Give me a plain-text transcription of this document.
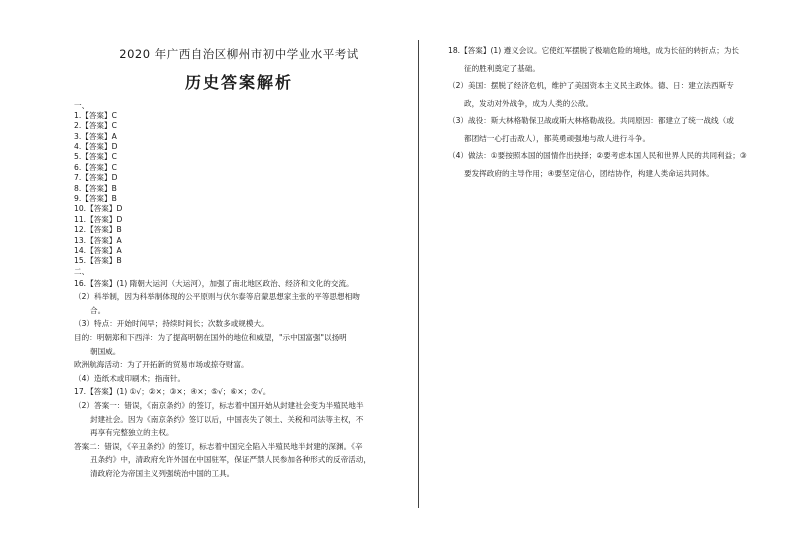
2020 年广西自治区柳州市初中学业水平考试
历史答案解析
一、
1.【答案】C
2.【答案】C
3.【答案】A
4.【答案】D
5.【答案】C
6.【答案】C
7.【答案】D
8.【答案】B
9.【答案】B
10.【答案】D
11.【答案】D
12.【答案】B
13.【答案】A
14.【答案】A
15.【答案】B
二、

16.【答案】(1) 隋朝大运河（大运河），加强了南北地区政治、经济和文化的交流。

（2）科举制，因为科举制体现的公平原则与伏尔泰等启蒙思想家主张的平等思想相吻

合。

（3）特点：开始时间早；持续时间长；次数多或规模大。

目的：明朝郑和下西洋：为了提高明朝在国外的地位和威望，"示中国富强"以扬明

朝国威。

欧洲航海活动：为了开拓新的贸易市场或掠夺财富。

（4）造纸术或印刷术；指南针。

17.【答案】(1) ①√；②×；③×；④×；⑤√；⑥×；⑦√。

（2）答案一：错误，《南京条约》的签订，标志着中国开始从封建社会变为半殖民地半

封建社会。因为《南京条约》签订以后，中国丧失了领土、关税和司法等主权，不

再享有完整独立的主权。

答案二：错误，《辛丑条约》的签订，标志着中国完全陷入半殖民地半封建的深渊。《辛

丑条约》中，清政府允许外国在中国驻军，保证严禁人民参加各种形式的反帝活动，

清政府沦为帝国主义列强统治中国的工具。

18.【答案】(1) 遵义会议。它使红军摆脱了极端危险的境地，成为长征的转折点；为长

征的胜利奠定了基础。

（2）美国：摆脱了经济危机，维护了美国资本主义民主政体。德、日：建立法西斯专

政，发动对外战争，成为人类的公敌。

（3）战役：斯大林格勒保卫战或斯大林格勒战役。共同原因：都建立了统一战线（或

都团结一心打击敌人），都英勇顽强地与敌人进行斗争。

（4）做法：①要按照本国的国情作出抉择；②要考虑本国人民和世界人民的共同利益；③

要发挥政府的主导作用；④要坚定信心，团结协作，构建人类命运共同体。
